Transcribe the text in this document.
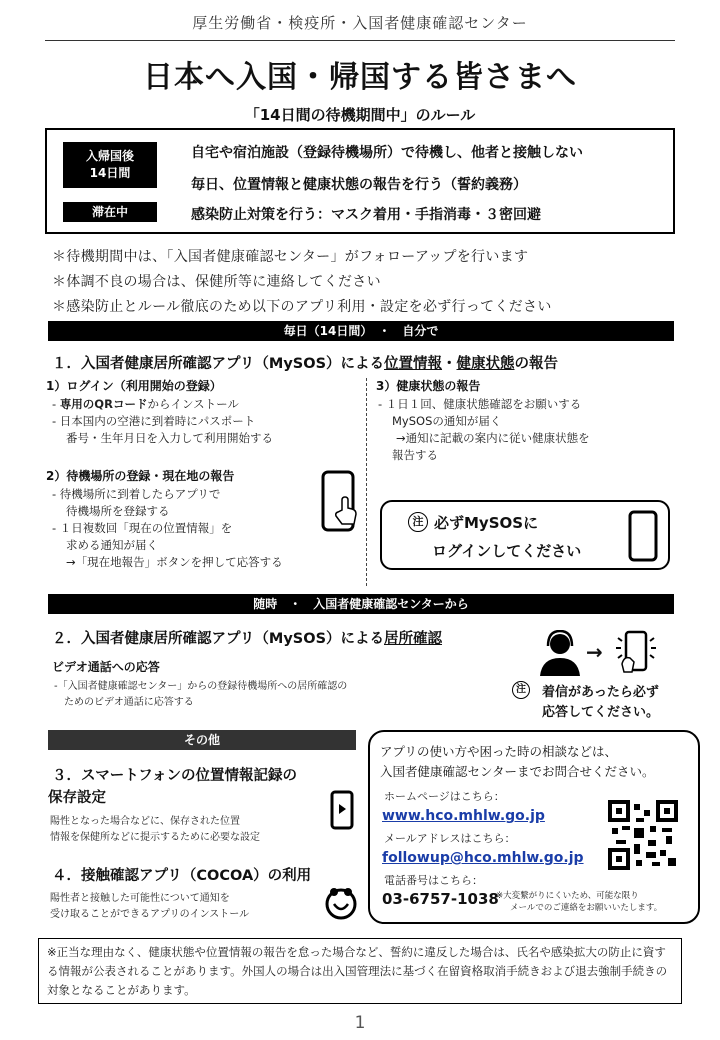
厚生労働省・検疫所・入国者健康確認センター
日本へ入国・帰国する皆さまへ
「14日間の待機期間中」のルール
入帰国後
14日間
自宅や宿泊施設（登録待機場所）で待機し、他者と接触しない
毎日、位置情報と健康状態の報告を行う（誓約義務）
滞在中	感染防止対策を行う：マスク着用・手指消毒・３密回避
＊待機期間中は、「入国者健康確認センター」がフォローアップを行います
＊体調不良の場合は、保健所等に連絡してください
＊感染防止とルール徹底のため以下のアプリ利用・設定を必ず行ってください
毎日（14日間）　・　自分で
１．入国者健康居所確認アプリ（MySOS）による位置情報・健康状態の報告
1）ログイン（利用開始の登録）
- 専用のQRコードからインストール
- 日本国内の空港に到着時にパスポート
番号・生年月日を入力して利用開始する
2）待機場所の登録・現在地の報告
- 待機場所に到着したらアプリで
待機場所を登録する
- １日複数回「現在の位置情報」を
求める通知が届く
→「現在地報告」ボタンを押して応答する
3）健康状態の報告
- １日１回、健康状態確認をお願いする
MySOSの通知が届く
→通知に記載の案内に従い健康状態を
報告する
注 必ずMySOSに
ログインしてください
随時　・　入国者健康確認センターから
２．入国者健康居所確認アプリ（MySOS）による居所確認
ビデオ通話への応答
-「入国者健康確認センター」からの登録待機場所への居所確認の
ためのビデオ通話に応答する
→
注	着信があったら必ず
応答してください。
その他
３．スマートフォンの位置情報記録の
保存設定
陽性となった場合などに、保存された位置
情報を保健所などに提示するために必要な設定
４．接触確認アプリ（COCOA）の利用
陽性者と接触した可能性について通知を
受け取ることができるアプリのインストール
アプリの使い方や困った時の相談などは、
入国者健康確認センターまでお問合せください。
ホームページはこちら：
www.hco.mhlw.go.jp
メールアドレスはこちら：
followup@hco.mhlw.go.jp
電話番号はこちら：
03-6757-1038
※大変繋がりにくいため、可能な限り
メールでのご連絡をお願いいたします。
※正当な理由なく、健康状態や位置情報の報告を怠った場合など、誓約に違反した場合は、氏名や感染拡大の防止に資する情報が公表されることがあります。外国人の場合は出入国管理法に基づく在留資格取消手続きおよび退去強制手続きの対象となることがあります。
1
